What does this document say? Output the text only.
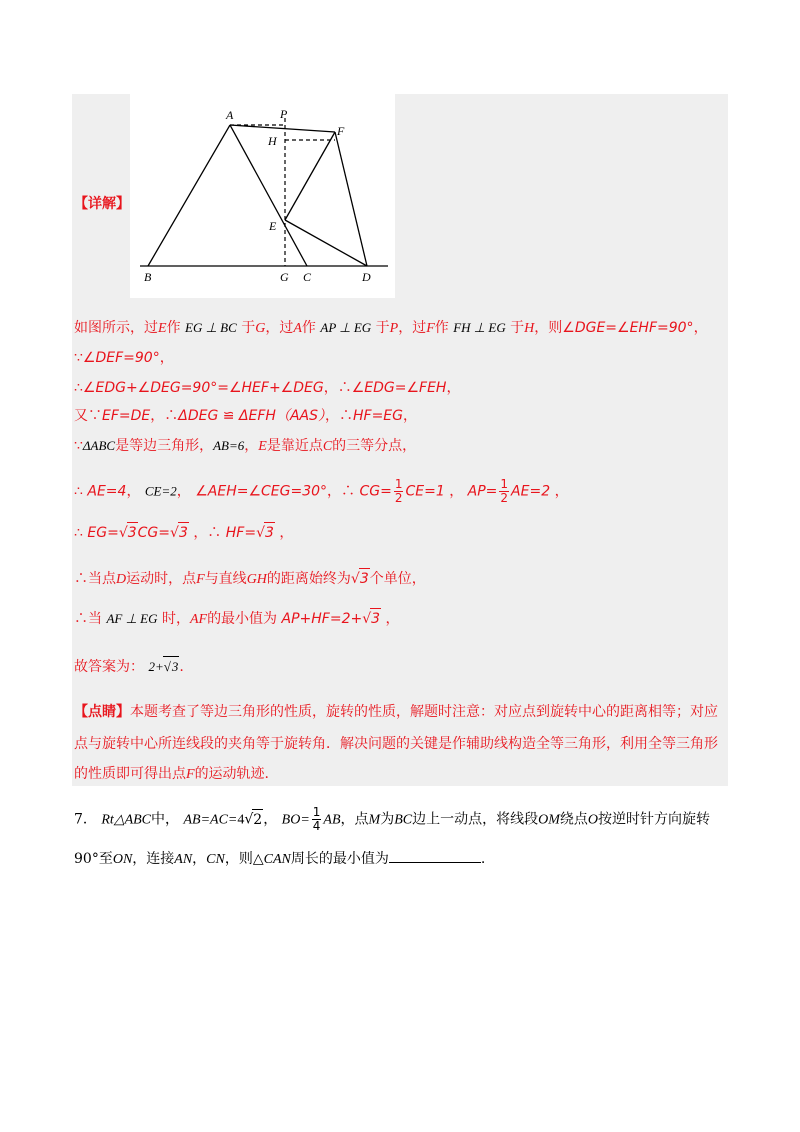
A	P
H
F
E
B	G C	D
【详解】
如图所示，过E作 EG ⊥ BC 于G，过A作 AP ⊥ EG 于P，过F作 FH ⊥ EG 于H，则∠DGE=∠EHF=90°，
∵∠DEF=90°，
∴∠EDG+∠DEG=90°=∠HEF+∠DEG，∴∠EDG=∠FEH，
又∵EF=DE，∴ΔDEG ≌ ΔEFH（AAS），∴HF=EG，
∵ΔABC是等边三角形，AB=6，E是靠近点C的三等分点，
∴ AE=4， CE=2， ∠AEH=∠CEG=30°，∴ $CG= \frac{1}{2} CE=1$ ， $AP= \frac{1}{2} AE=2$ ，
∴ EG=√3CG=√3 ，∴ HF=√3 ，
∴当点D运动时，点F与直线GH的距离始终为√3个单位，
∴当 AF ⊥ EG 时，AF的最小值为 AP+HF=2+√3 ，
故答案为： 2+√3.
【点睛】本题考查了等边三角形的性质，旋转的性质，解题时注意：对应点到旋转中心的距离相等；对应
点与旋转中心所连线段的夹角等于旋转角．解决问题的关键是作辅助线构造全等三角形，利用全等三角形
的性质即可得出点F的运动轨迹.
7． Rt△ABC中， AB=AC=4√2， $BO= \frac{1}{4}$ AB，点M为BC边上一动点，将线段OM绕点O按逆时针方向旋转
90°至ON，连接AN，CN，则△CAN周长的最小值为	.
